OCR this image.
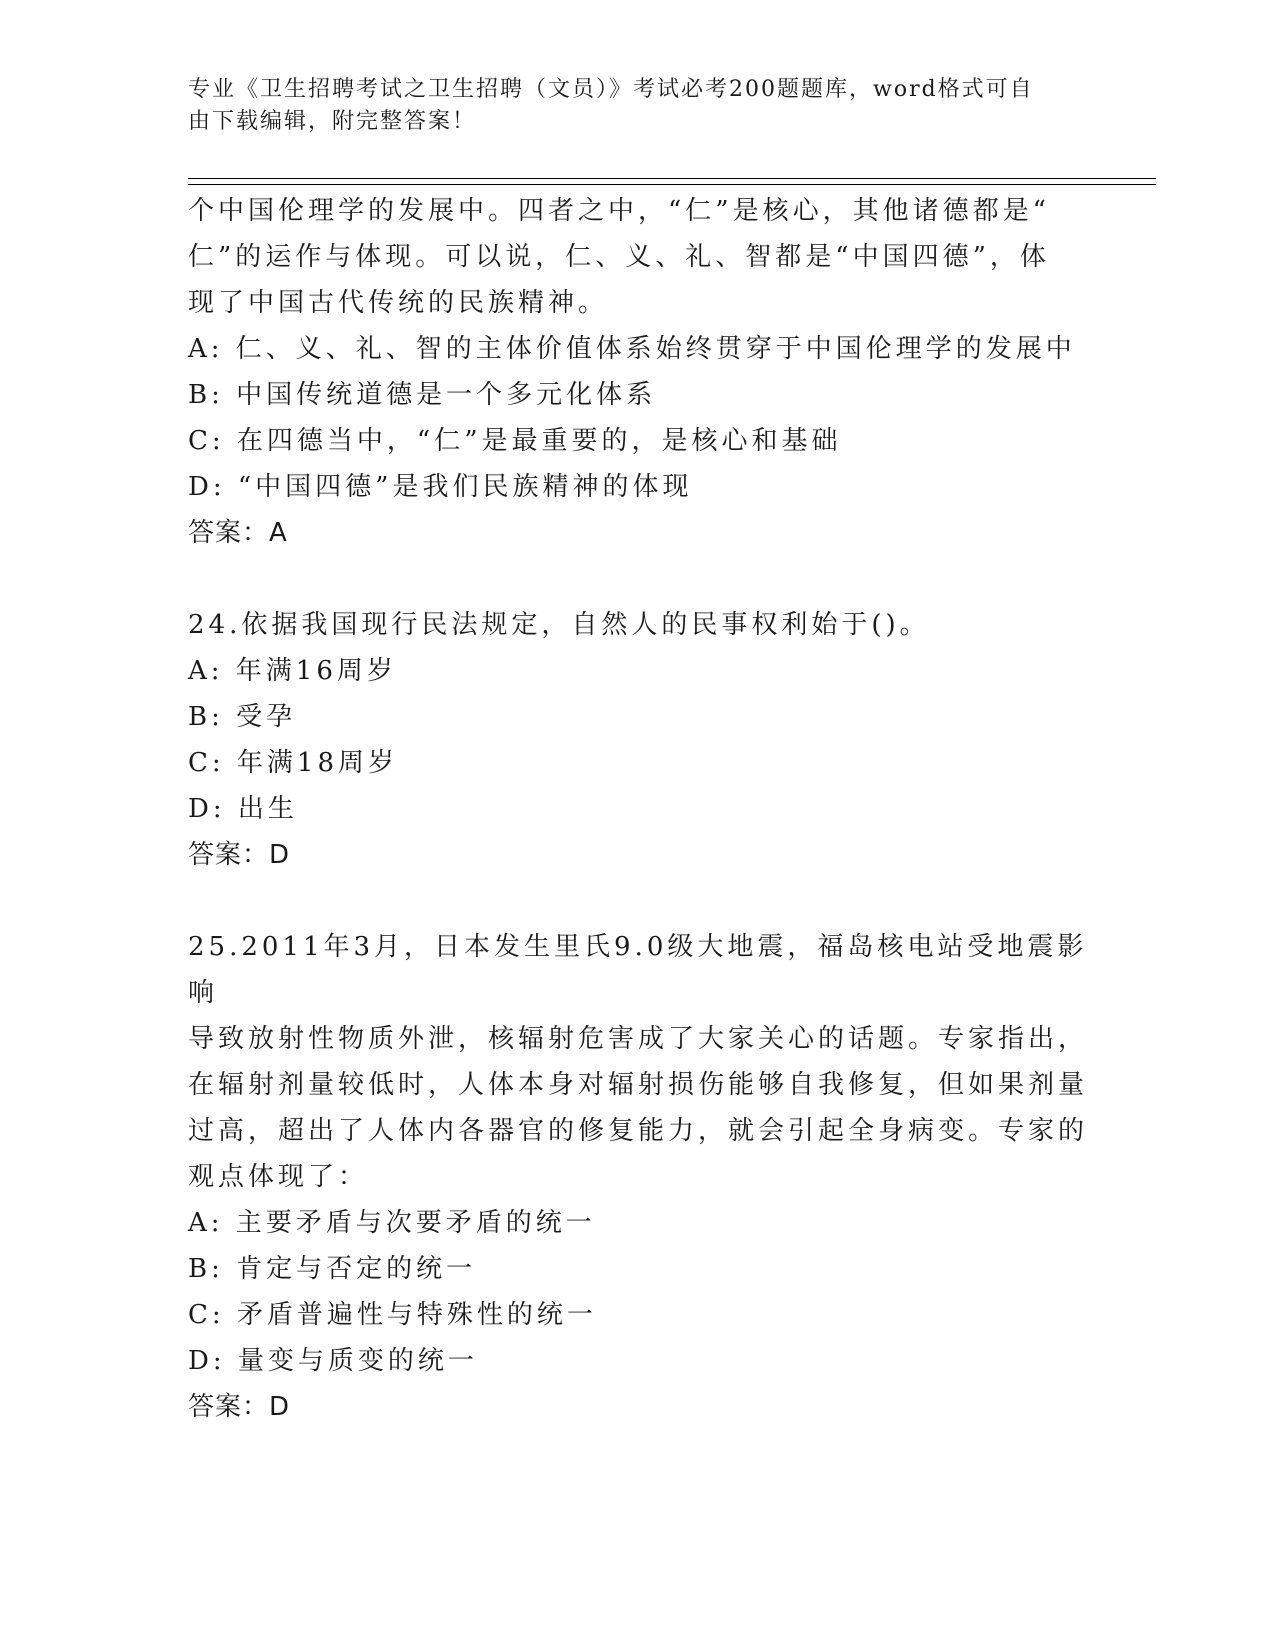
专业《卫生招聘考试之卫生招聘（文员）》考试必考200题题库，word格式可自
由下载编辑，附完整答案！

个中国伦理学的发展中。四者之中，“仁”是核心，其他诸德都是“

仁”的运作与体现。可以说，仁、义、礼、智都是“中国四德”，体

现了中国古代传统的民族精神。

A: 仁、义、礼、智的主体价值体系始终贯穿于中国伦理学的发展中

B: 中国传统道德是一个多元化体系

C: 在四德当中，“仁”是最重要的，是核心和基础

D: “中国四德”是我们民族精神的体现

答案：A

24.依据我国现行民法规定，自然人的民事权利始于()。

A: 年满16周岁

B: 受孕

C: 年满18周岁

D: 出生

答案：D

25.2011年3月，日本发生里氏9.0级大地震，福岛核电站受地震影响

导致放射性物质外泄，核辐射危害成了大家关心的话题。专家指出，

在辐射剂量较低时，人体本身对辐射损伤能够自我修复，但如果剂量

过高，超出了人体内各器官的修复能力，就会引起全身病变。专家的

观点体现了：

A: 主要矛盾与次要矛盾的统一

B: 肯定与否定的统一

C: 矛盾普遍性与特殊性的统一

D: 量变与质变的统一

答案：D
